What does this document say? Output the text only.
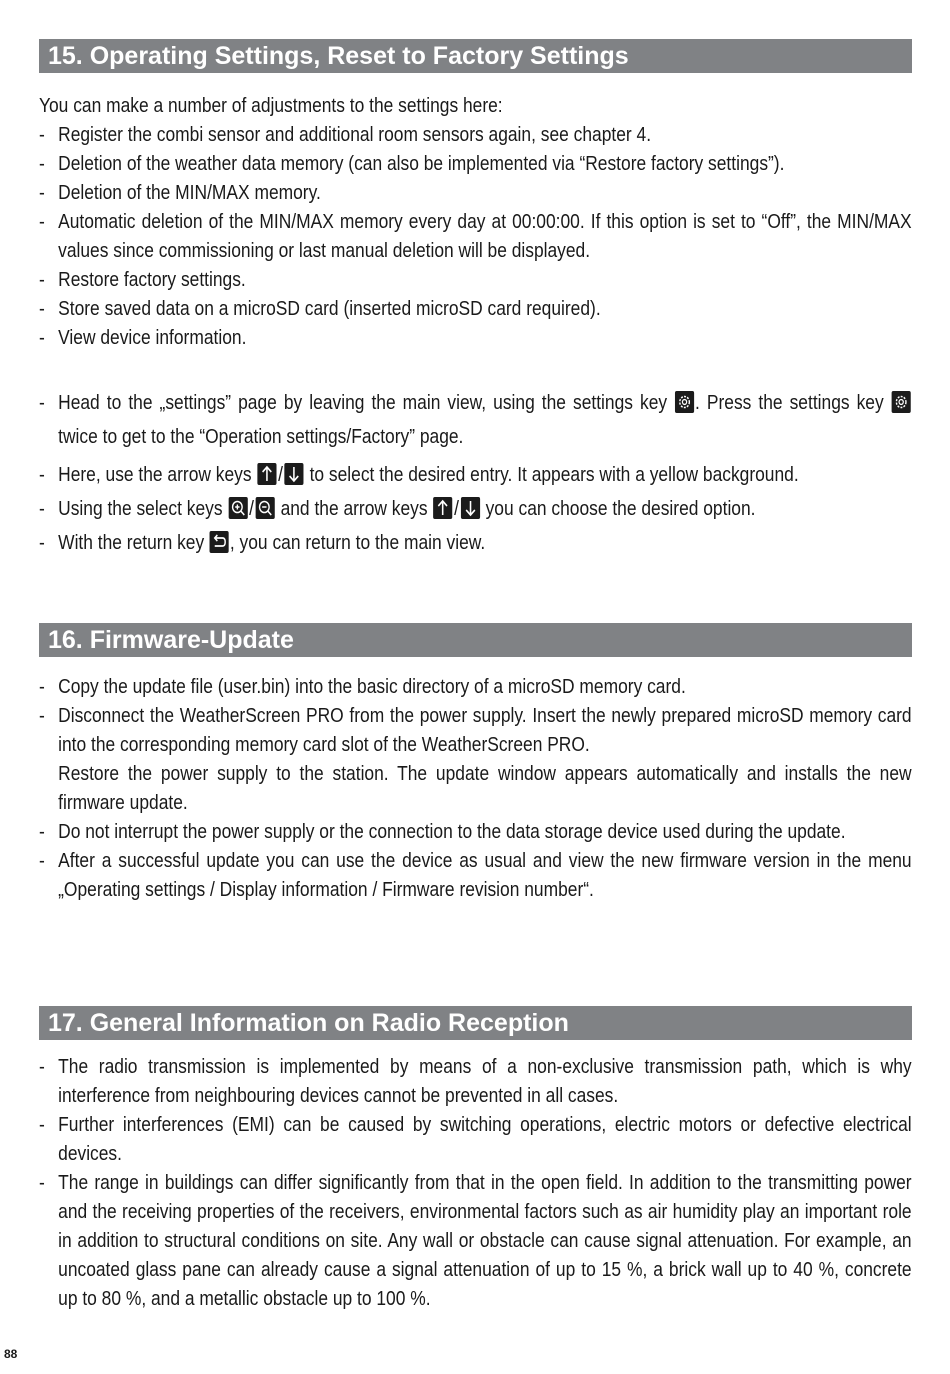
15. Operating Settings, Reset to Factory Settings

You can make a number of adjustments to the settings here:

- Register the combi sensor and additional room sensors again, see chapter 4.
- Deletion of the weather data memory (can also be implemented via “Restore factory settings”).
- Deletion of the MIN/MAX memory.
- Automatic deletion of the MIN/MAX memory every day at 00:00:00. If this option is set to “Off”, the MIN/MAX values since commissioning or last manual deletion will be displayed.
- Restore factory settings.
- Store saved data on a microSD card (inserted microSD card required).
- View device information.
- Head to the „settings” page by leaving the main view, using the settings key . Press the settings key
twice to get to the “Operation settings/Factory” page.
- Here, use the arrow keys / to select the desired entry. It appears with a yellow background.
- Using the select keys / and the arrow keys / you can choose the desired option.
- With the return key , you can return to the main view.
16. Firmware-Update
- Copy the update file (user.bin) into the basic directory of a microSD memory card.
- Disconnect the WeatherScreen PRO from the power supply. Insert the newly prepared microSD memory card into the corresponding memory card slot of the WeatherScreen PRO.
Restore the power supply to the station. The update window appears automatically and installs the new firmware update.
- Do not interrupt the power supply or the connection to the data storage device used during the update.
- After a successful update you can use the device as usual and view the new firmware version in the menu „Operating settings / Display information / Firmware revision number“.
17. General Information on Radio Reception
- The radio transmission is implemented by means of a non-exclusive transmission path, which is why interference from neighbouring devices cannot be prevented in all cases.
- Further interferences (EMI) can be caused by switching operations, electric motors or defective electrical devices.
- The range in buildings can differ significantly from that in the open field. In addition to the transmitting power and the receiving properties of the receivers, environmental factors such as air humidity play an important role in addition to structural conditions on site. Any wall or obstacle can cause signal attenuation. For example, an uncoated glass pane can already cause a signal attenuation of up to 15 %, a brick wall up to 40 %, concrete up to 80 %, and a metallic obstacle up to 100 %.
88
